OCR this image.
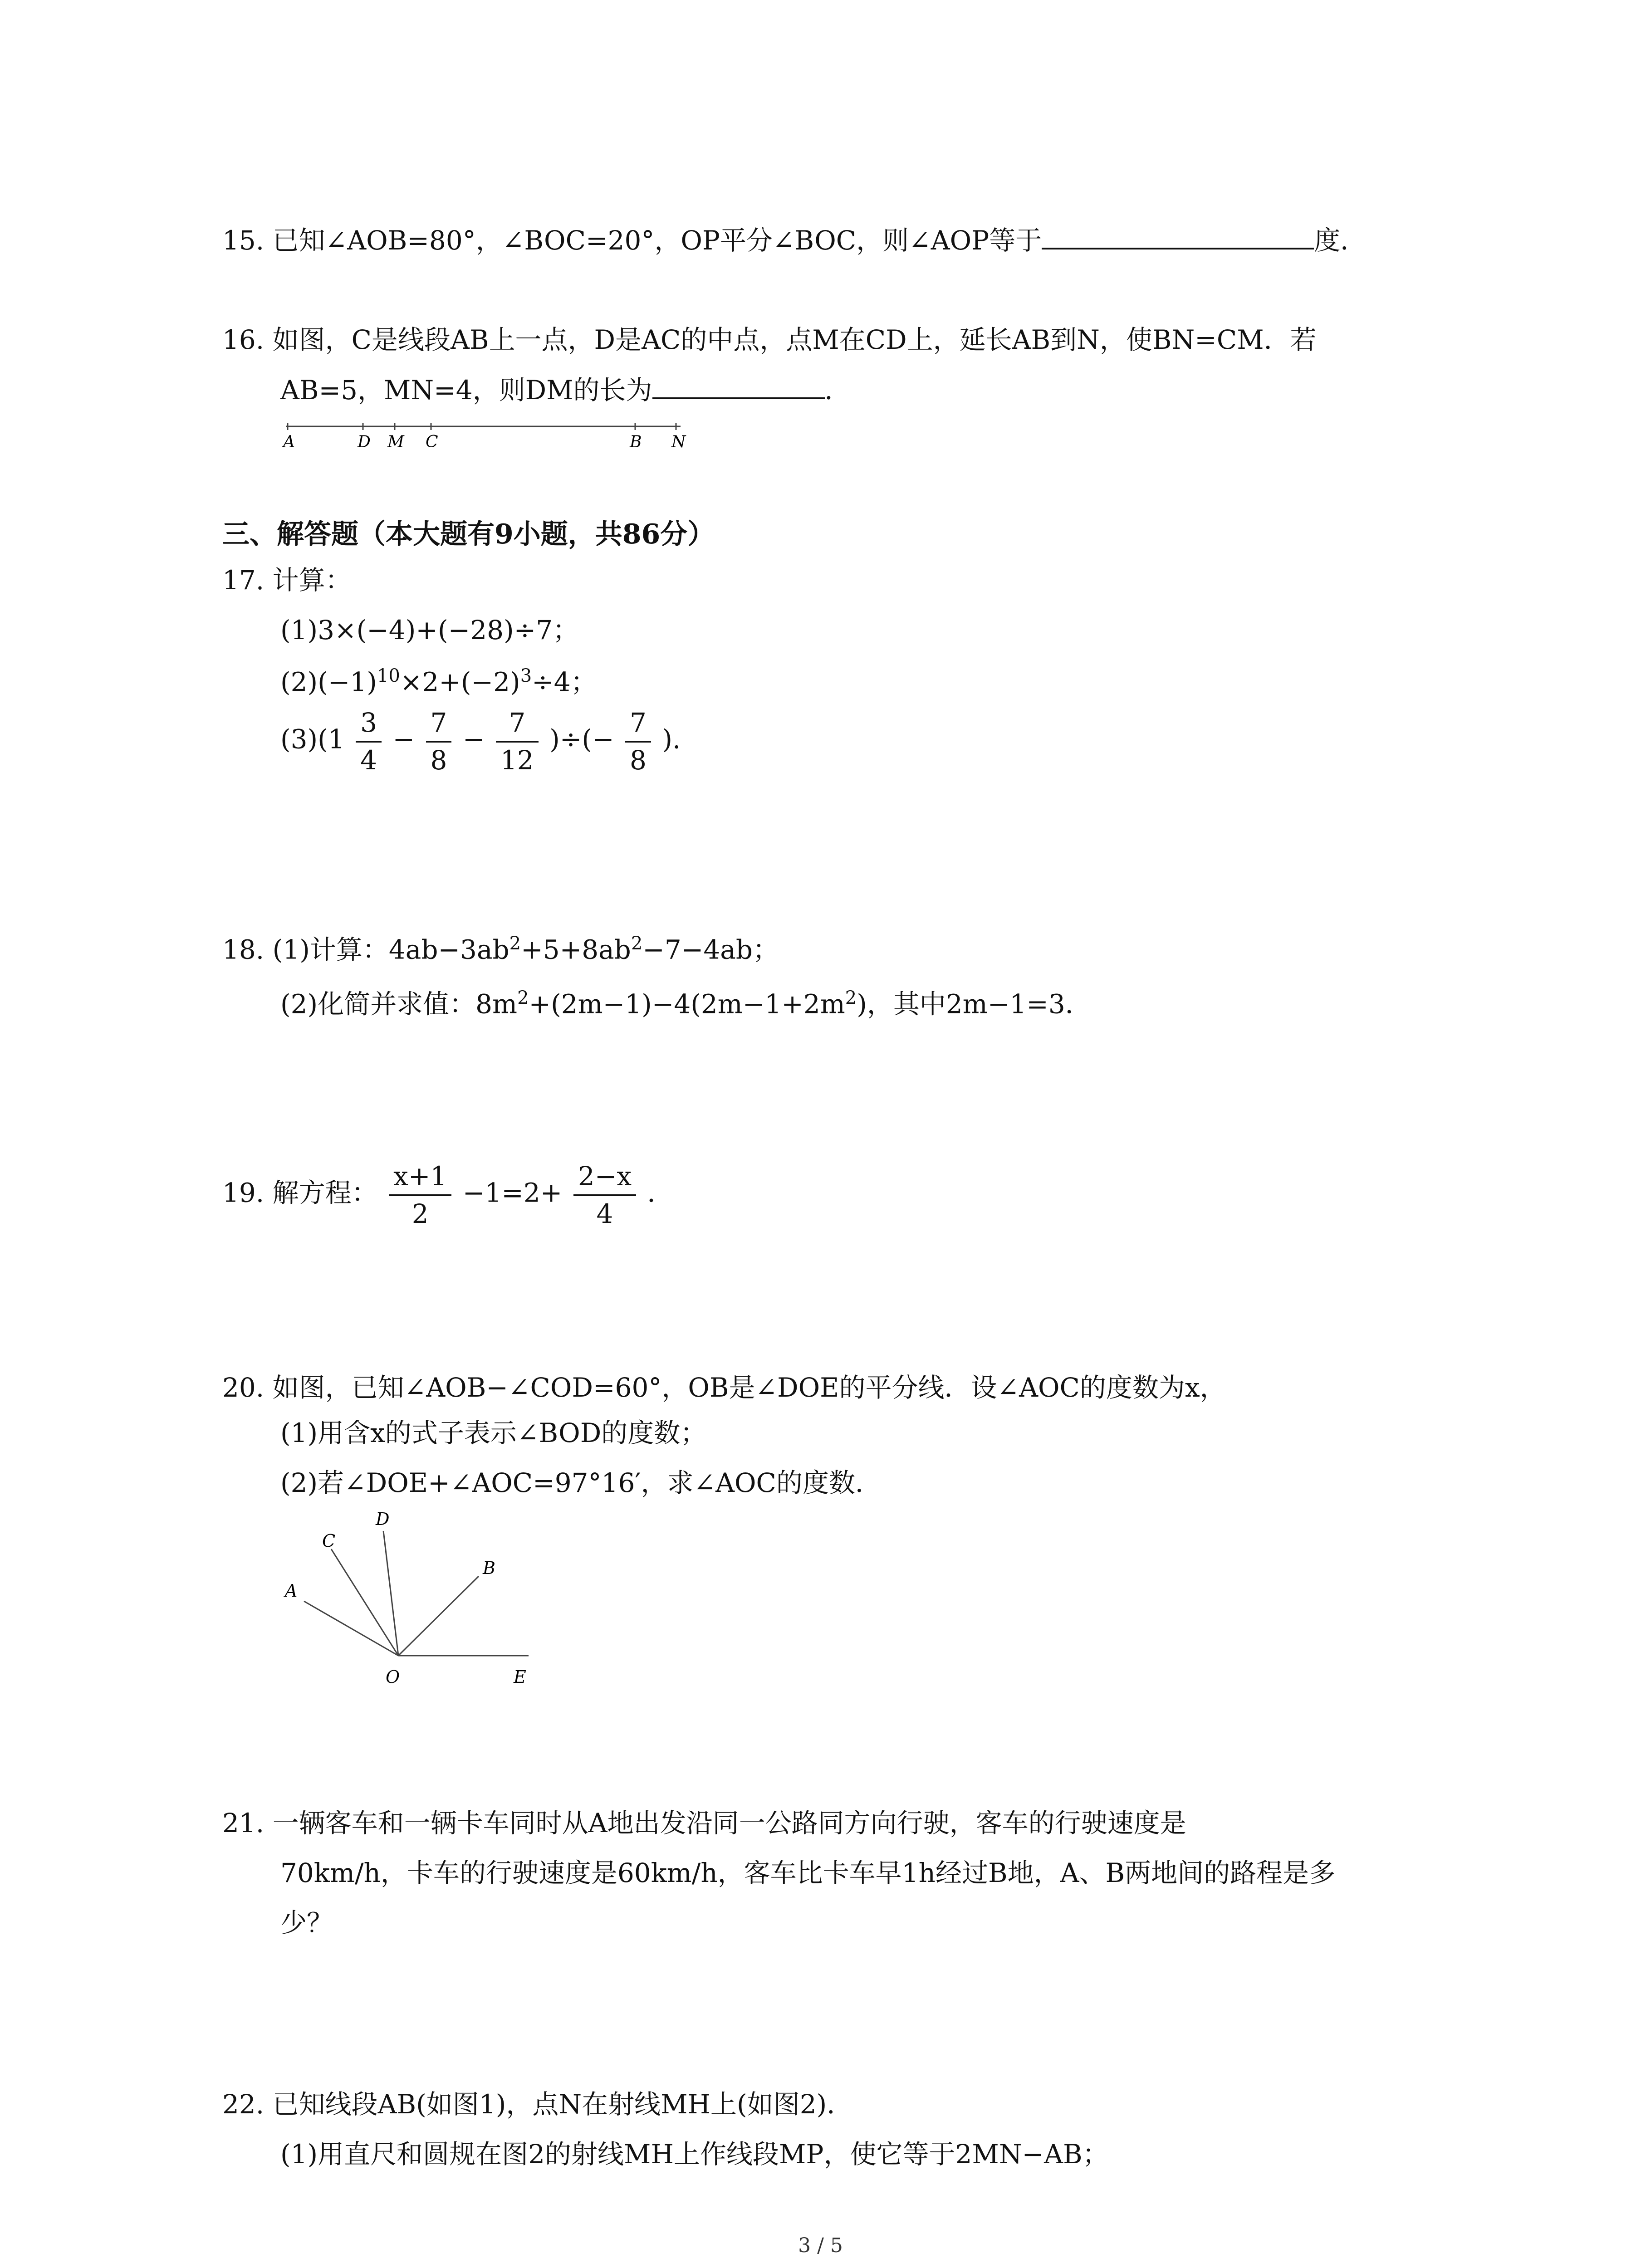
15. 已知∠AOB=80°，∠BOC=20°，OP平分∠BOC，则∠AOP等于	度．
16. 如图，C是线段AB上一点，D是AC的中点，点M在CD上，延长AB到N，使BN=CM．若
AB=5，MN=4，则DM的长为	．
A	D M C	B N
三、解答题（本大题有9小题，共86分）
17. 计算：
(1)3×(−4)+(−28)÷7；
$(2)(-1)^{10}\times 2+(-2)^3\div 4$；
$(3)(1 \frac{3}{4} - \frac{7}{8} - \frac{7}{12}$ )÷(− $\frac{7}{8}$ ).
18. (1)计算：$4ab-3ab^2+5+8ab^2-7-4ab$；
(2)化简并求值：$8m^2+(2m-1)-4(2m-1+2m^2)$，其中2m−1=3．
19. 解方程： $\frac{x+1}{2} -1=2+ \frac{2-x}{4}$ ．
20. 如图，已知∠AOB−∠COD=60°，OB是∠DOE的平分线．设∠AOC的度数为x，
(1)用含x的式子表示∠BOD的度数；
(2)若∠DOE+∠AOC=97°16′，求∠AOC的度数．
A
C
D
B
O	E
21. 一辆客车和一辆卡车同时从A地出发沿同一公路同方向行驶，客车的行驶速度是
70km/h，卡车的行驶速度是60km/h，客车比卡车早1h经过B地，A、B两地间的路程是多
少？
22. 已知线段AB(如图1)，点N在射线MH上(如图2)．
(1)用直尺和圆规在图2的射线MH上作线段MP，使它等于2MN−AB；
3 / 5
